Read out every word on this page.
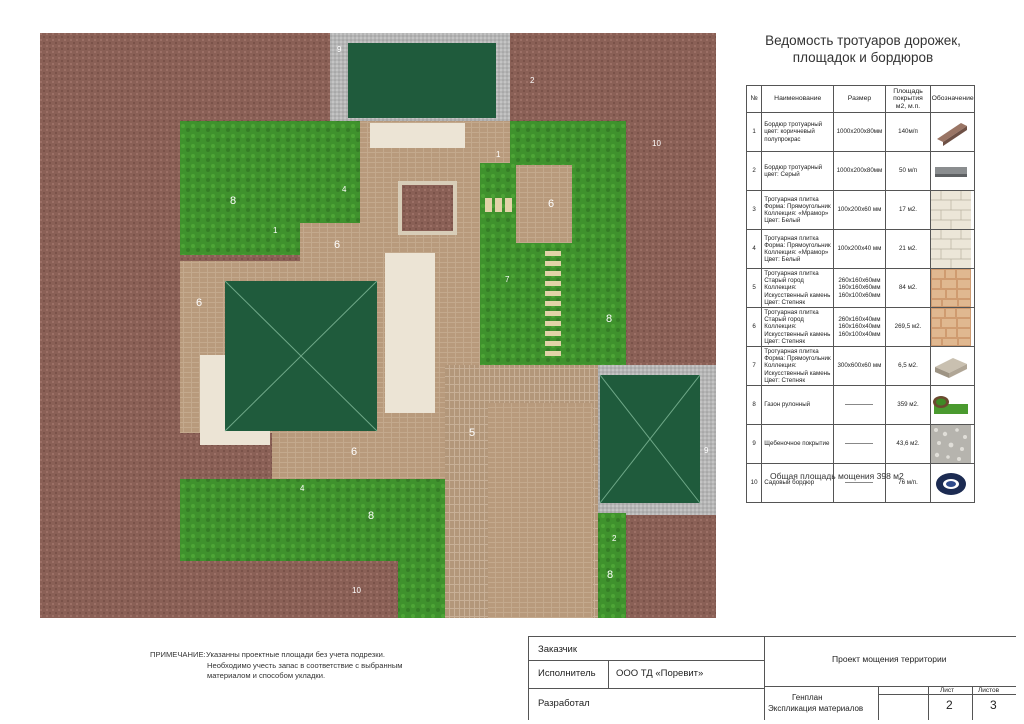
8
8
8
8
6
6
6
6
5
9
9
1
1
2
2
4
4
7
10
10
Ведомость тротуаров дорожек,
площадок и бордюров
№	Наименование	Размер	Площадь покрытия м2, м.п.	Обозначение
1	Бордюр тротуарный цвет: коричневый полупрокрас	1000х200х80мм	140м/п	

2	Бордюр тротуарный цвет: Серый	1000х200х80мм	50 м/п	

3	Тротуарная плитка Форма: Прямоугольник Коллекция: «Мрамор» Цвет: Белый	100х200х60 мм	17 м2.	

4	Тротуарная плитка Форма: Прямоугольник Коллекция: «Мрамор» Цвет: Белый	100х200х40 мм	21 м2.	

5	Тротуарная плитка Старый город Коллекция: Искусственный камень Цвет: Степняк	260х160х60мм 160х160х60мм 160х100х60мм	84 м2.	

6	Тротуарная плитка Старый город Коллекция: Искусственный камень Цвет: Степняк	260х160х40мм 160х160х40мм 160х100х40мм	269,5 м2.	

7	Тротуарная плитка Форма: Прямоугольник Коллекция: Искусственный камень Цвет: Степняк	300х600х60 мм	6,5 м2.	

8	Газон рулонный		359 м2.	

9	Щебеночное покрытие		43,6 м2.	

10	Садовый бордюр		76 м/п.	
Общая площадь мощения 398 м2
ПРИМЕЧАНИЕ:Указанны проектные площади без учета подрезки.
Необходимо учесть запас в соответствие с выбранным
материалом и способом укладки.
Заказчик
Исполнитель ООО ТД «Поревит»
Разработал
Проект мощения территории
Генплан
Экспликация материалов
Лист	Листов
2	3
